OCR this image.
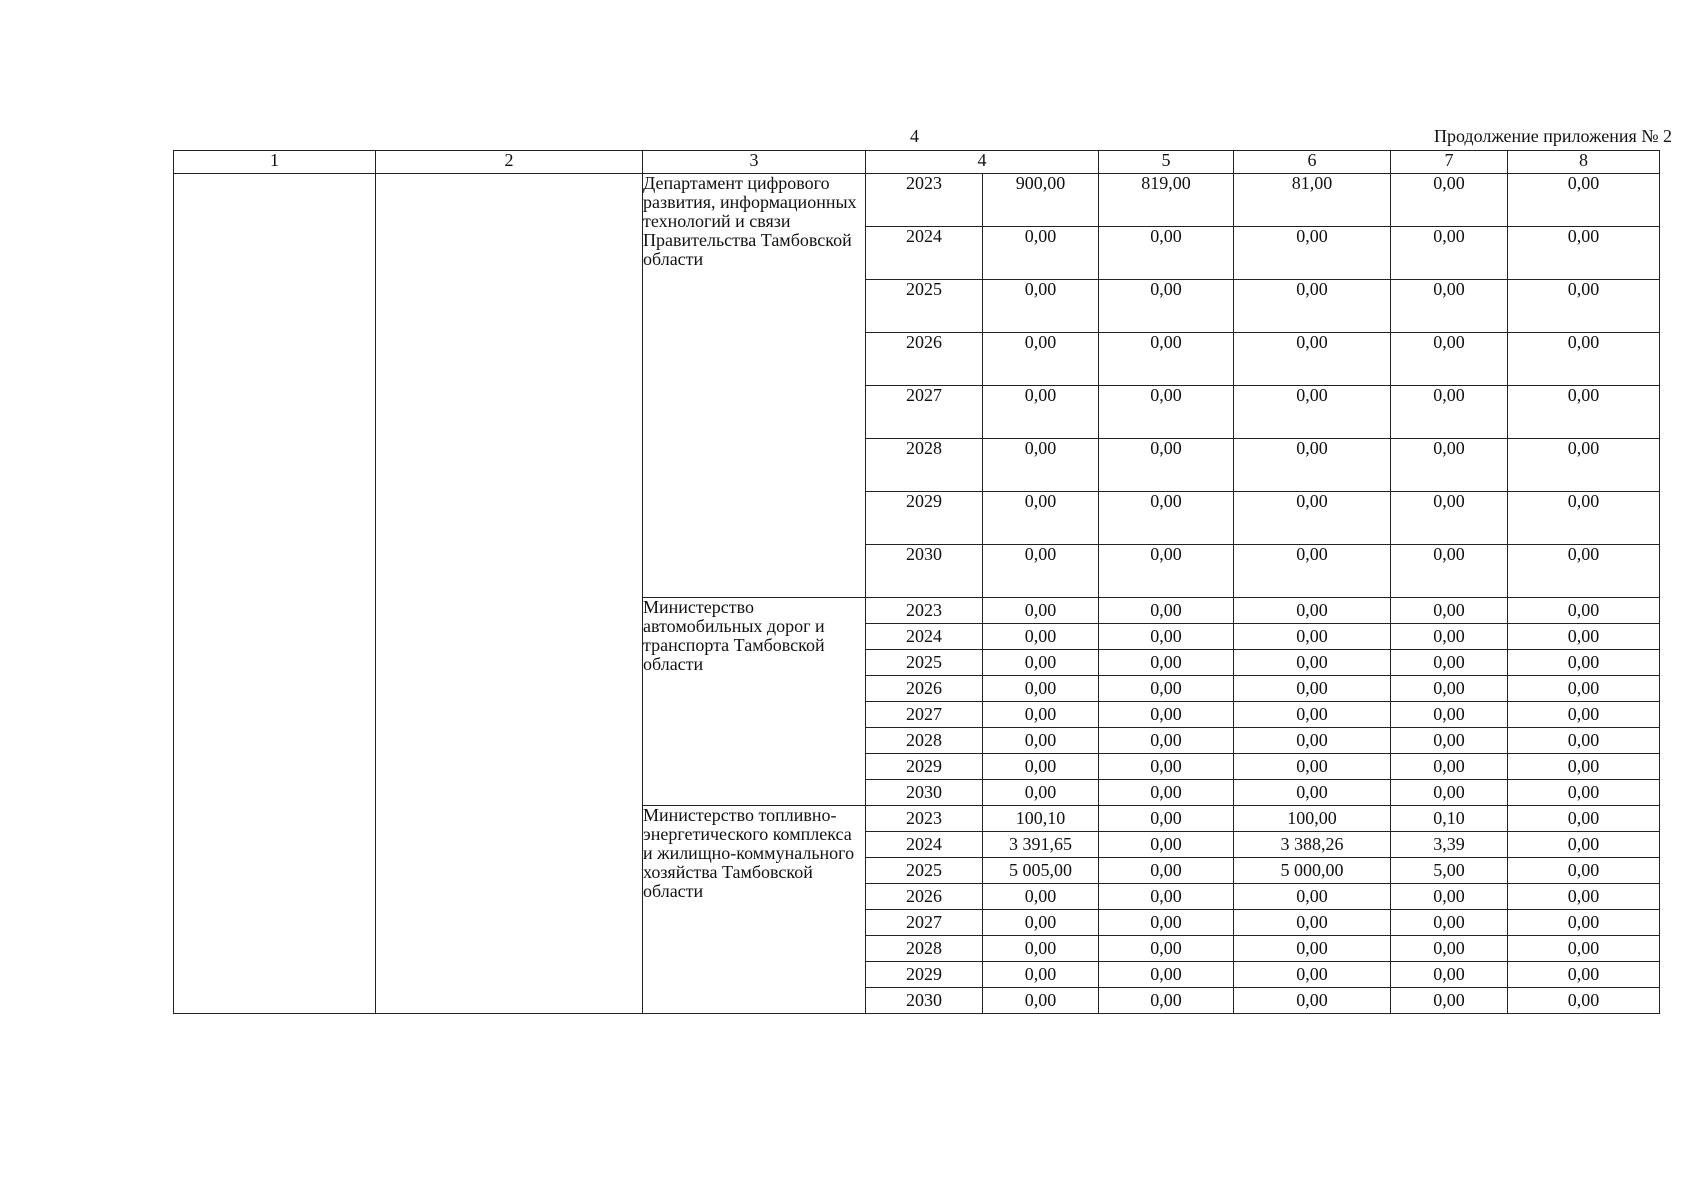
4	Продолжение приложения № 2
1	2	3	4		5	6	7	8
		Департамент цифрового развития, информационных технологий и связи Правительства Тамбовской области	2023	900,00	819,00	81,00	0,00	0,00
			2024	0,00	0,00	0,00	0,00	0,00
			2025	0,00	0,00	0,00	0,00	0,00
			2026	0,00	0,00	0,00	0,00	0,00
			2027	0,00	0,00	0,00	0,00	0,00
			2028	0,00	0,00	0,00	0,00	0,00
			2029	0,00	0,00	0,00	0,00	0,00
			2030	0,00	0,00	0,00	0,00	0,00
		Министерство автомобильных дорог и транспорта Тамбовской области	2023	0,00	0,00	0,00	0,00	0,00
			2024	0,00	0,00	0,00	0,00	0,00
			2025	0,00	0,00	0,00	0,00	0,00
			2026	0,00	0,00	0,00	0,00	0,00
			2027	0,00	0,00	0,00	0,00	0,00
			2028	0,00	0,00	0,00	0,00	0,00
			2029	0,00	0,00	0,00	0,00	0,00
			2030	0,00	0,00	0,00	0,00	0,00
		Министерство топливно-энергетического комплекса и жилищно-коммунального хозяйства Тамбовской области	2023	100,10	0,00	100,00	0,10	0,00
			2024	3 391,65	0,00	3 388,26	3,39	0,00
			2025	5 005,00	0,00	5 000,00	5,00	0,00
			2026	0,00	0,00	0,00	0,00	0,00
			2027	0,00	0,00	0,00	0,00	0,00
			2028	0,00	0,00	0,00	0,00	0,00
			2029	0,00	0,00	0,00	0,00	0,00
			2030	0,00	0,00	0,00	0,00	0,00
